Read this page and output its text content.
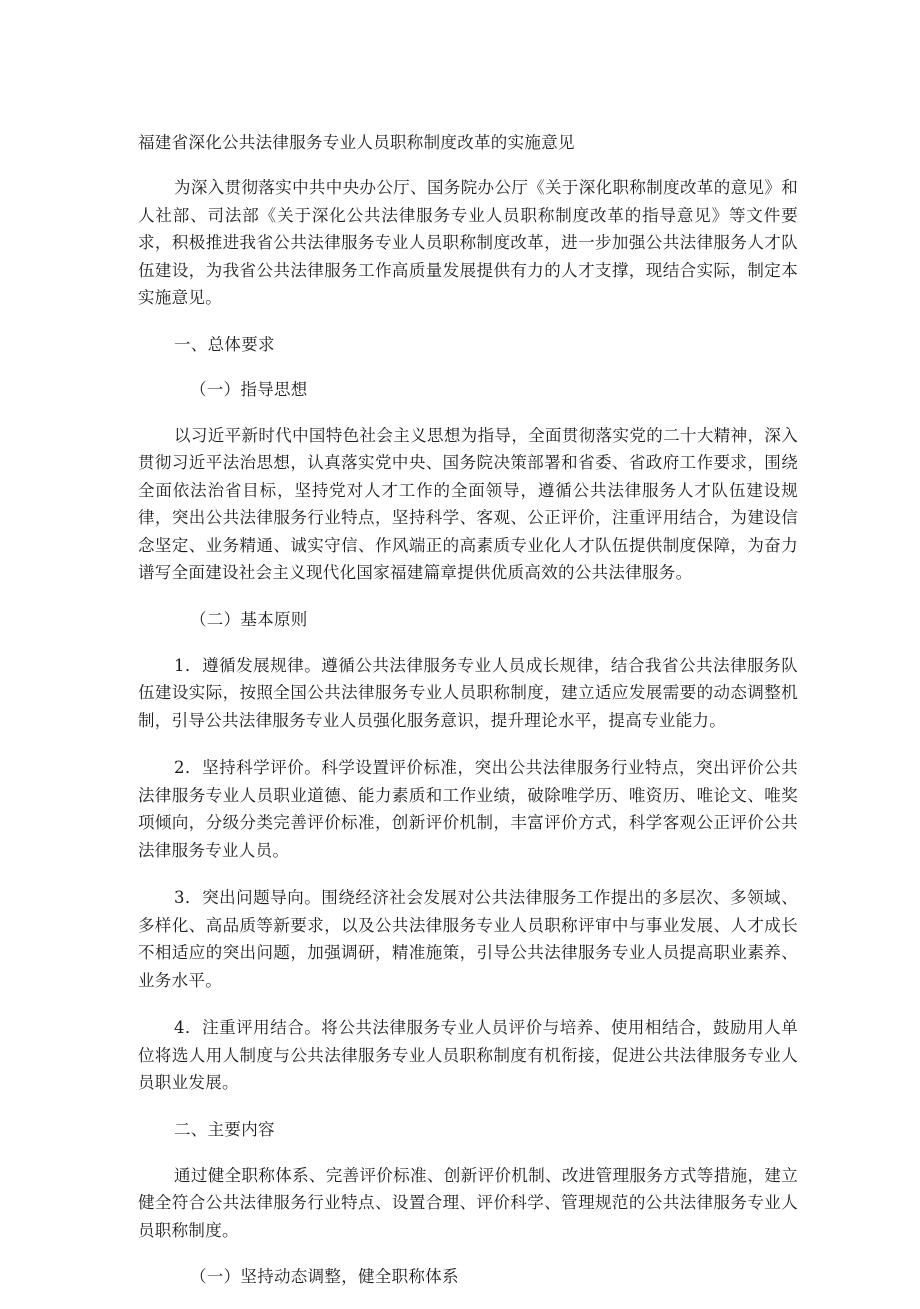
福建省深化公共法律服务专业人员职称制度改革的实施意见

为深入贯彻落实中共中央办公厅、国务院办公厅《关于深化职称制度改革的意见》和人社部、司法部《关于深化公共法律服务专业人员职称制度改革的指导意见》等文件要求，积极推进我省公共法律服务专业人员职称制度改革，进一步加强公共法律服务人才队伍建设，为我省公共法律服务工作高质量发展提供有力的人才支撑，现结合实际，制定本实施意见。

一、总体要求

（一）指导思想

以习近平新时代中国特色社会主义思想为指导，全面贯彻落实党的二十大精神，深入贯彻习近平法治思想，认真落实党中央、国务院决策部署和省委、省政府工作要求，围绕全面依法治省目标，坚持党对人才工作的全面领导，遵循公共法律服务人才队伍建设规律，突出公共法律服务行业特点，坚持科学、客观、公正评价，注重评用结合，为建设信念坚定、业务精通、诚实守信、作风端正的高素质专业化人才队伍提供制度保障，为奋力谱写全面建设社会主义现代化国家福建篇章提供优质高效的公共法律服务。

（二）基本原则

1．遵循发展规律。遵循公共法律服务专业人员成长规律，结合我省公共法律服务队伍建设实际，按照全国公共法律服务专业人员职称制度，建立适应发展需要的动态调整机制，引导公共法律服务专业人员强化服务意识，提升理论水平，提高专业能力。

2．坚持科学评价。科学设置评价标准，突出公共法律服务行业特点，突出评价公共法律服务专业人员职业道德、能力素质和工作业绩，破除唯学历、唯资历、唯论文、唯奖项倾向，分级分类完善评价标准，创新评价机制，丰富评价方式，科学客观公正评价公共法律服务专业人员。

3．突出问题导向。围绕经济社会发展对公共法律服务工作提出的多层次、多领域、多样化、高品质等新要求，以及公共法律服务专业人员职称评审中与事业发展、人才成长不相适应的突出问题，加强调研，精准施策，引导公共法律服务专业人员提高职业素养、业务水平。

4．注重评用结合。将公共法律服务专业人员评价与培养、使用相结合，鼓励用人单位将选人用人制度与公共法律服务专业人员职称制度有机衔接，促进公共法律服务专业人员职业发展。

二、主要内容

通过健全职称体系、完善评价标准、创新评价机制、改进管理服务方式等措施，建立健全符合公共法律服务行业特点、设置合理、评价科学、管理规范的公共法律服务专业人员职称制度。

（一）坚持动态调整，健全职称体系
